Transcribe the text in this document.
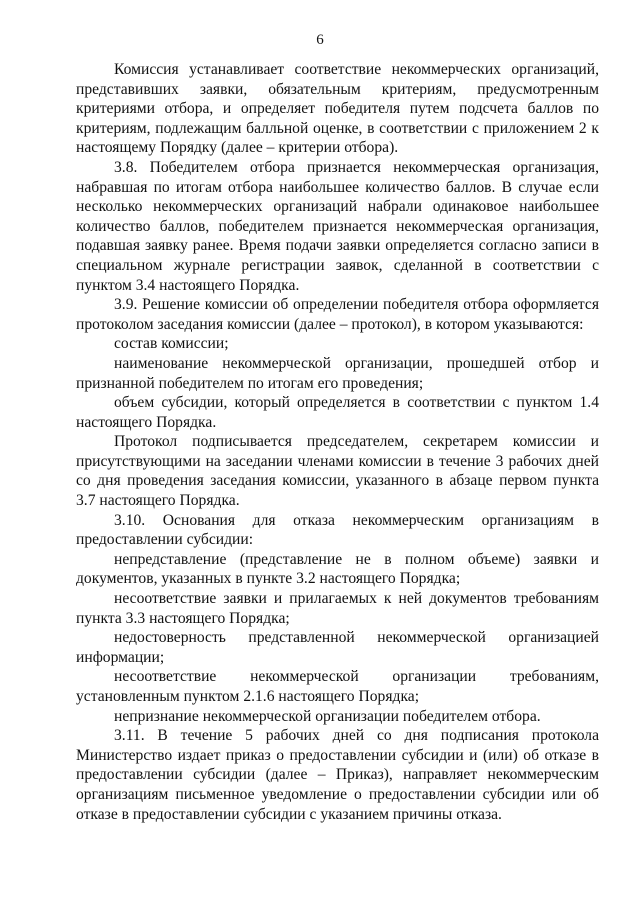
6

Комиссия устанавливает соответствие некоммерческих организаций, представивших заявки, обязательным критериям, предусмотренным критериями отбора, и определяет победителя путем подсчета баллов по критериям, подлежащим балльной оценке, в соответствии с приложением 2 к настоящему Порядку (далее – критерии отбора).

3.8. Победителем отбора признается некоммерческая организация, набравшая по итогам отбора наибольшее количество баллов. В случае если несколько некоммерческих организаций набрали одинаковое наибольшее количество баллов, победителем признается некоммерческая организация, подавшая заявку ранее. Время подачи заявки определяется согласно записи в специальном журнале регистрации заявок, сделанной в соответствии с пунктом 3.4 настоящего Порядка.

3.9. Решение комиссии об определении победителя отбора оформляется протоколом заседания комиссии (далее – протокол), в котором указываются:

состав комиссии;

наименование некоммерческой организации, прошедшей отбор и признанной победителем по итогам его проведения;

объем субсидии, который определяется в соответствии с пунктом 1.4 настоящего Порядка.

Протокол подписывается председателем, секретарем комиссии и присутствующими на заседании членами комиссии в течение 3 рабочих дней со дня проведения заседания комиссии, указанного в абзаце первом пункта 3.7 настоящего Порядка.

3.10. Основания для отказа некоммерческим организациям в предоставлении субсидии:

непредставление (представление не в полном объеме) заявки и документов, указанных в пункте 3.2 настоящего Порядка;

несоответствие заявки и прилагаемых к ней документов требованиям пункта 3.3 настоящего Порядка;

недостоверность представленной некоммерческой организацией информации;

несоответствие некоммерческой организации требованиям, установленным пунктом 2.1.6 настоящего Порядка;

непризнание некоммерческой организации победителем отбора.

3.11. В течение 5 рабочих дней со дня подписания протокола Министерство издает приказ о предоставлении субсидии и (или) об отказе в предоставлении субсидии (далее – Приказ), направляет некоммерческим организациям письменное уведомление о предоставлении субсидии или об отказе в предоставлении субсидии с указанием причины отказа.
